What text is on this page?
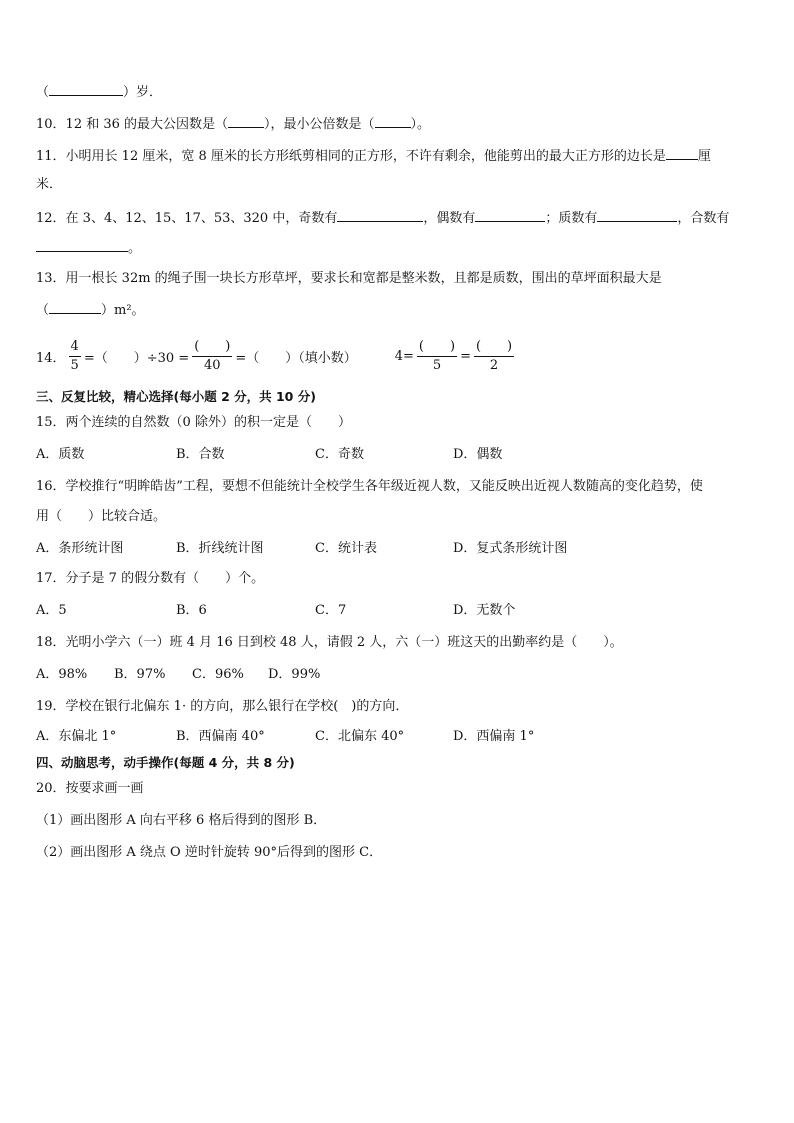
（	）岁．
10．12 和 36 的最大公因数是（	），最小公倍数是（	）。
11．小明用长 12 厘米，宽 8 厘米的长方形纸剪相同的正方形，不许有剩余，他能剪出的最大正方形的边长是 厘
米．
12．在 3、4、12、15、17、53、320 中，奇数有	，偶数有	；质数有	，合数有
。
13．用一根长 32m 的绳子围一块长方形草坪，要求长和宽都是整米数，且都是质数，围出的草坪面积最大是
（	）m²。
14． $\frac{4}{5}$ =（　　）$\div 30 = \frac{( )}{40}$ =（　　）（填小数）	$4= \frac{( )}{5} = \frac{( )}{2}$
三、反复比较，精心选择(每小题 2 分，共 10 分)
15．两个连续的自然数（0 除外）的积一定是（　　）
A．质数	B．合数	C．奇数	D．偶数
16．学校推行“明眸皓齿”工程，要想不但能统计全校学生各年级近视人数，又能反映出近视人数随高的变化趋势，使
用（　　）比较合适。
A．条形统计图	B．折线统计图	C．统计表	D．复式条形统计图
17．分子是 7 的假分数有（　　）个。
A．5	B．6	C．7	D．无数个
18．光明小学六（一）班 4 月 16 日到校 48 人，请假 2 人，六（一）班这天的出勤率约是（　　）。
A．98% B．97% C．96% D．99%
19．学校在银行北偏东 1· 的方向，那么银行在学校(　)的方向．
A．东偏北 1°	B．西偏南 40°	C．北偏东 40°	D．西偏南 1°
四、动脑思考，动手操作(每题 4 分，共 8 分)
20．按要求画一画
（1）画出图形 A 向右平移 6 格后得到的图形 B．
（2）画出图形 A 绕点 O 逆时针旋转 90°后得到的图形 C．
